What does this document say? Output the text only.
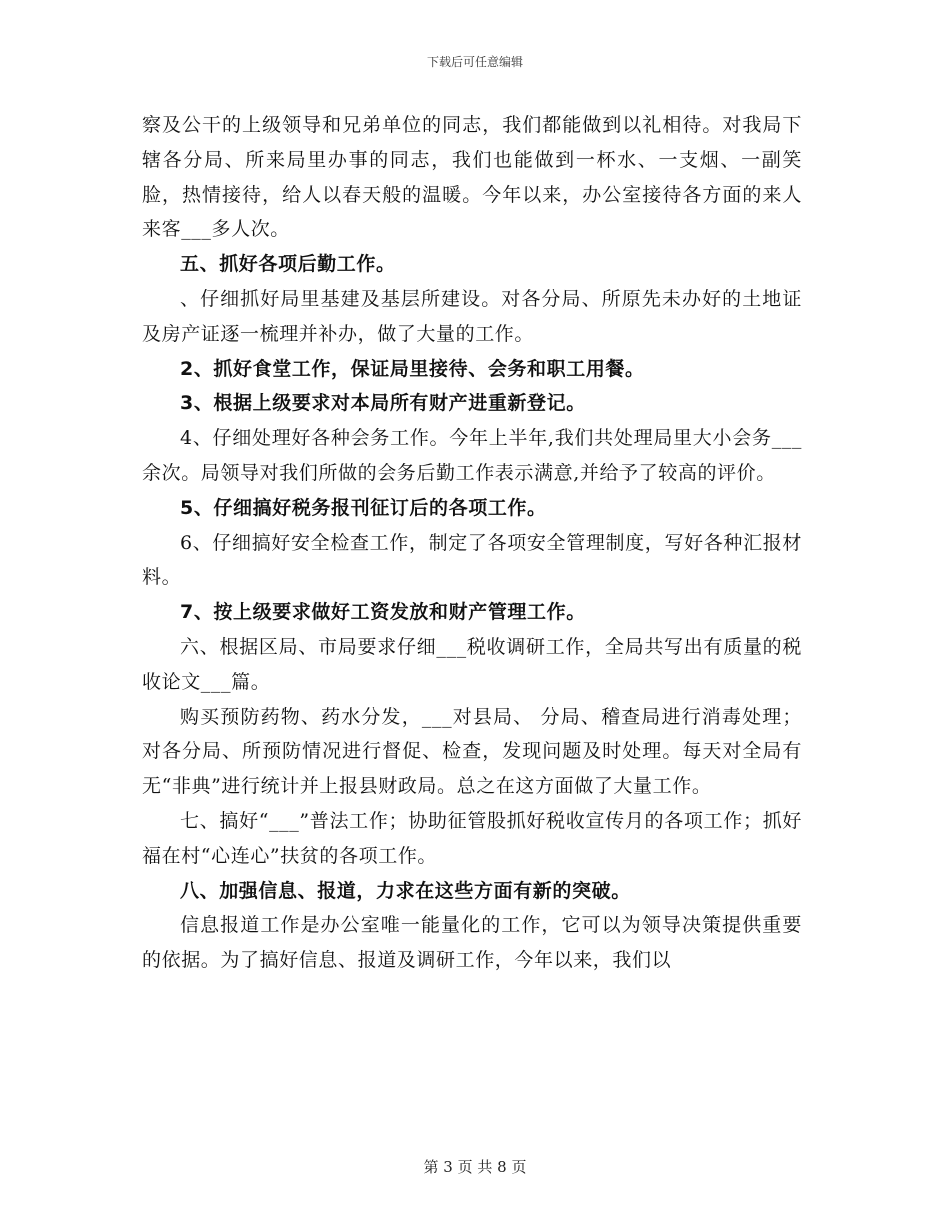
下载后可任意编辑

察及公干的上级领导和兄弟单位的同志，我们都能做到以礼相待。对我局下辖各分局、所来局里办事的同志，我们也能做到一杯水、一支烟、一副笑脸，热情接待，给人以春天般的温暖。今年以来，办公室接待各方面的来人来客___多人次。

五、抓好各项后勤工作。

、仔细抓好局里基建及基层所建设。对各分局、所原先未办好的土地证及房产证逐一梳理并补办，做了大量的工作。

2、抓好食堂工作，保证局里接待、会务和职工用餐。

3、根据上级要求对本局所有财产进重新登记。

4、仔细处理好各种会务工作。今年上半年,我们共处理局里大小会务___余次。局领导对我们所做的会务后勤工作表示满意,并给予了较高的评价。

5、仔细搞好税务报刊征订后的各项工作。

6、仔细搞好安全检查工作，制定了各项安全管理制度，写好各种汇报材料。

7、按上级要求做好工资发放和财产管理工作。

六、根据区局、市局要求仔细___税收调研工作，全局共写出有质量的税收论文___篇。

购买预防药物、药水分发，___对县局、 分局、稽查局进行消毒处理；对各分局、所预防情况进行督促、检查，发现问题及时处理。每天对全局有无“非典”进行统计并上报县财政局。总之在这方面做了大量工作。

七、搞好“___”普法工作；协助征管股抓好税收宣传月的各项工作；抓好福在村“心连心”扶贫的各项工作。

八、加强信息、报道，力求在这些方面有新的突破。

信息报道工作是办公室唯一能量化的工作，它可以为领导决策提供重要的依据。为了搞好信息、报道及调研工作，今年以来，我们以

第 3 页 共 8 页
